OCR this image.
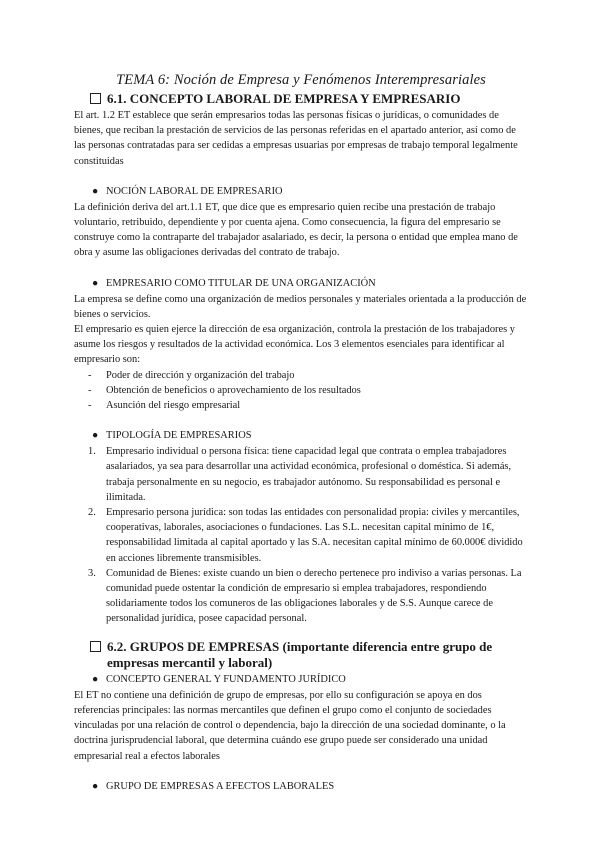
TEMA 6: Noción de Empresa y Fenómenos Interempresariales
6.1. CONCEPTO LABORAL DE EMPRESA Y EMPRESARIO

El art. 1.2 ET establece que serán empresarios todas las personas físicas o jurídicas, o comunidades de bienes, que reciban la prestación de servicios de las personas referidas en el apartado anterior, así como de las personas contratadas para ser cedidas a empresas usuarias por empresas de trabajo temporal legalmente constituidas

● NOCIÓN LABORAL DE EMPRESARIO

La definición deriva del art.1.1 ET, que dice que es empresario quien recibe una prestación de trabajo voluntario, retribuido, dependiente y por cuenta ajena. Como consecuencia, la figura del empresario se construye como la contraparte del trabajador asalariado, es decir, la persona o entidad que emplea mano de obra y asume las obligaciones derivadas del contrato de trabajo.

● EMPRESARIO COMO TITULAR DE UNA ORGANIZACIÓN

La empresa se define como una organización de medios personales y materiales orientada a la producción de bienes o servicios.

El empresario es quien ejerce la dirección de esa organización, controla la prestación de los trabajadores y asume los riesgos y resultados de la actividad económica. Los 3 elementos esenciales para identificar al empresario son:

-	Poder de dirección y organización del trabajo
-	Obtención de beneficios o aprovechamiento de los resultados
-	Asunción del riesgo empresarial
● TIPOLOGÍA DE EMPRESARIOS
1. Empresario individual o persona física: tiene capacidad legal que contrata o emplea trabajadores asalariados, ya sea para desarrollar una actividad económica, profesional o doméstica. Si además, trabaja personalmente en su negocio, es trabajador autónomo. Su responsabilidad es personal e ilimitada.
2. Empresario persona jurídica: son todas las entidades con personalidad propia: civiles y mercantiles, cooperativas, laborales, asociaciones o fundaciones. Las S.L. necesitan capital mínimo de 1€, responsabilidad limitada al capital aportado y las S.A. necesitan capital mínimo de 60.000€ dividido en acciones libremente transmisibles.
3. Comunidad de Bienes: existe cuando un bien o derecho pertenece pro indiviso a varias personas. La comunidad puede ostentar la condición de empresario si emplea trabajadores, respondiendo solidariamente todos los comuneros de las obligaciones laborales y de S.S. Aunque carece de personalidad jurídica, posee capacidad personal.
6.2. GRUPOS DE EMPRESAS (importante diferencia entre grupo de empresas mercantil y laboral)
● CONCEPTO GENERAL Y FUNDAMENTO JURÍDICO

El ET no contiene una definición de grupo de empresas, por ello su configuración se apoya en dos referencias principales: las normas mercantiles que definen el grupo como el conjunto de sociedades vinculadas por una relación de control o dependencia, bajo la dirección de una sociedad dominante, o la doctrina jurisprudencial laboral, que determina cuándo ese grupo puede ser considerado una unidad empresarial real a efectos laborales

● GRUPO DE EMPRESAS A EFECTOS LABORALES
